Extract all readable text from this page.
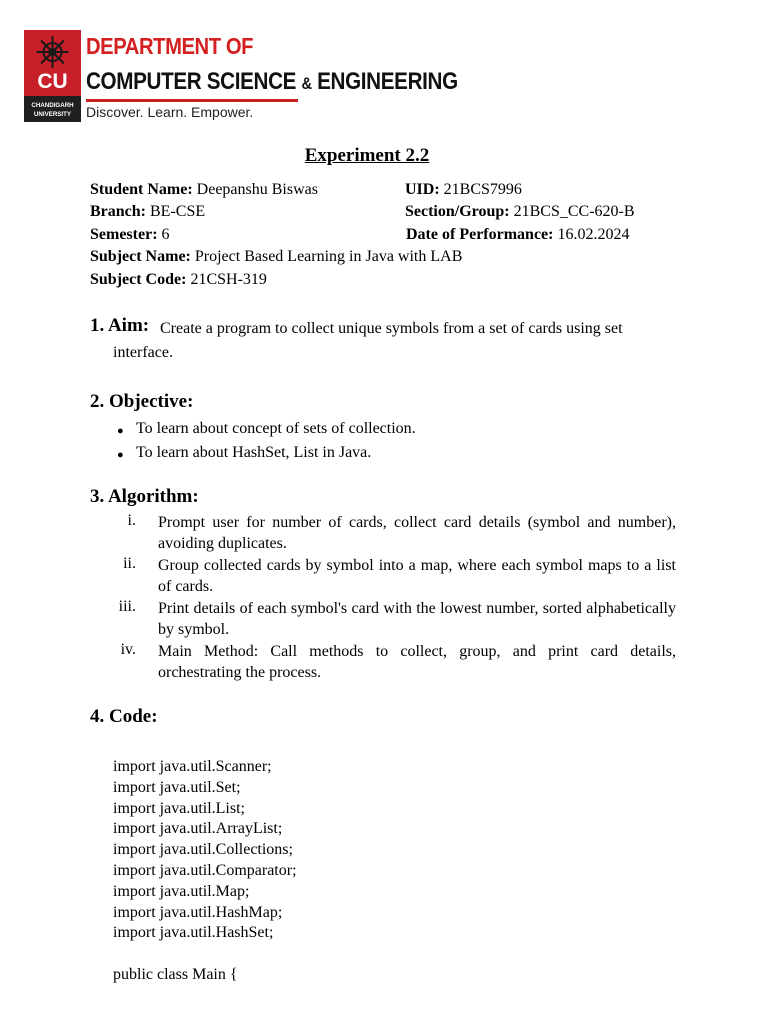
CU
CHANDIGARH
UNIVERSITY
DEPARTMENT OF
COMPUTER SCIENCE & ENGINEERING
Discover. Learn. Empower.
Experiment 2.2
Student Name: Deepanshu Biswas	UID: 21BCS7996
Branch: BE-CSE	Section/Group: 21BCS_CC-620-B
Semester: 6	Date of Performance: 16.02.2024
Subject Name: Project Based Learning in Java with LAB
Subject Code: 21CSH-319
1. Aim: Create a program to collect unique symbols from a set of cards using set
interface.
2. Objective:
● To learn about concept of sets of collection.
● To learn about HashSet, List in Java.
3. Algorithm:
i. Prompt user for number of cards, collect card details (symbol and number), avoiding duplicates.
ii. Group collected cards by symbol into a map, where each symbol maps to a list of cards.
iii. Print details of each symbol's card with the lowest number, sorted alphabetically by symbol.
iv. Main Method: Call methods to collect, group, and print card details, orchestrating the process.
4. Code:
import java.util.Scanner;
import java.util.Set;
import java.util.List;
import java.util.ArrayList;
import java.util.Collections;
import java.util.Comparator;
import java.util.Map;
import java.util.HashMap;
import java.util.HashSet;

public class Main {
